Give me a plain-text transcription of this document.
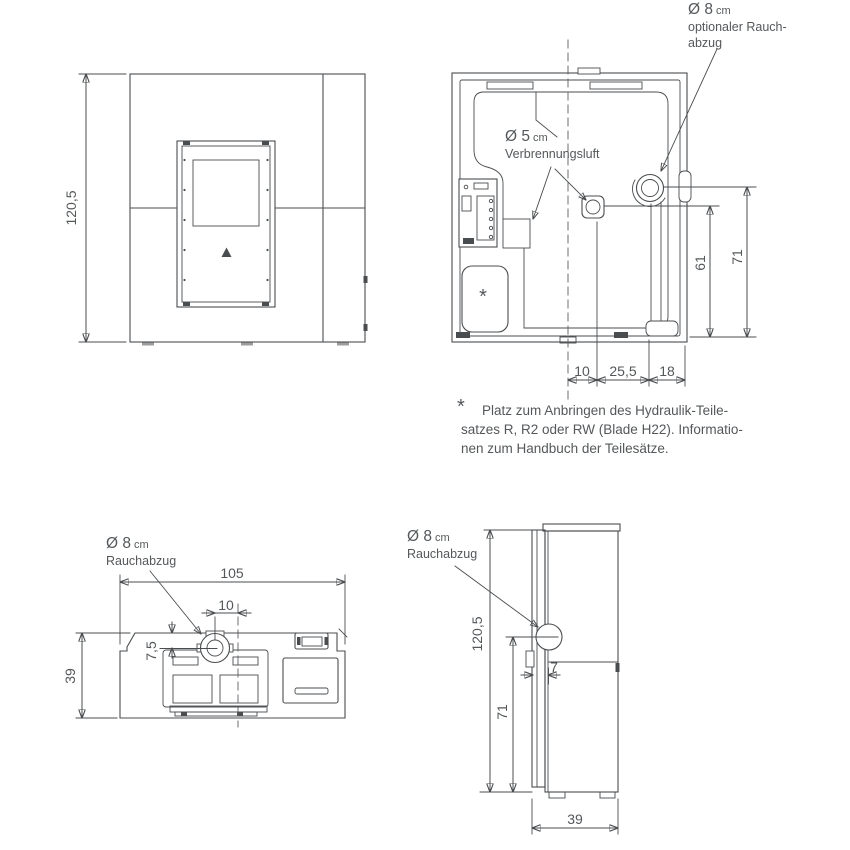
120,5
Ø 8 cm
optionaler Rauch-
abzug
Ø 5 cm
Verbrennungsluft
61 71
10 25,5 18
*
* Platz zum Anbringen des Hydraulik-Teile-
satzes R, R2 oder RW (Blade H22). Informatio-
nen zum Handbuch der Teilesätze.
Ø 8 cm
Rauchabzug
105
10
7,5
39
Ø 8 cm
Rauchabzug
120,5
71
7
39
